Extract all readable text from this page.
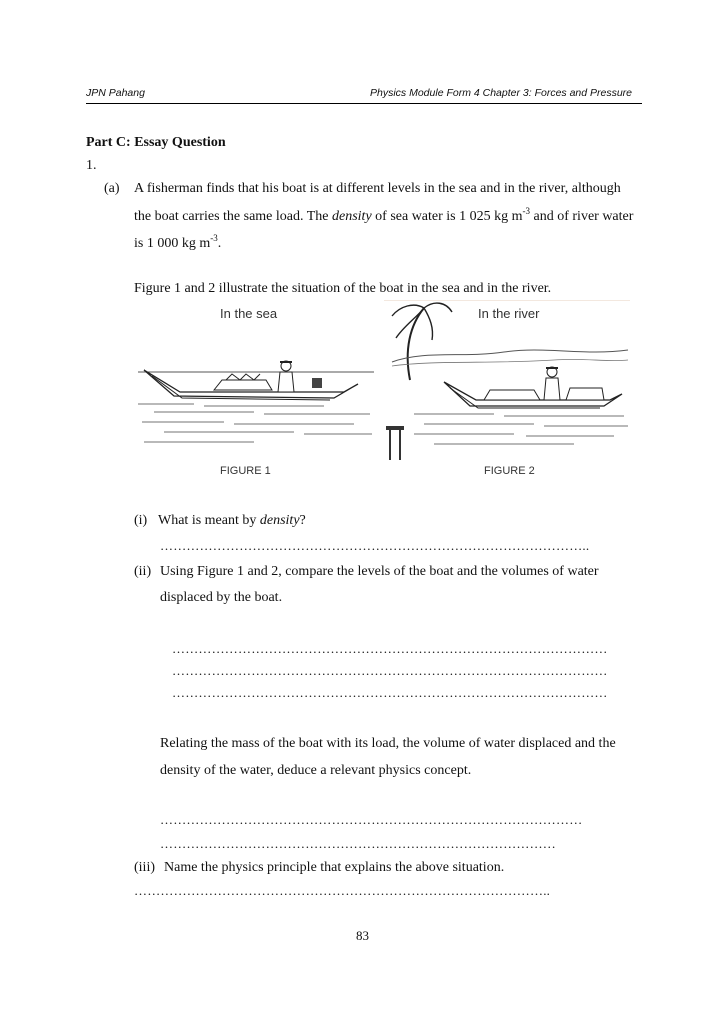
JPN Pahang	Physics Module Form 4 Chapter 3: Forces and Pressure
Part C: Essay Question
1.
(a) A fisherman finds that his boat is at different levels in the sea and in the river, although
the boat carries the same load. The density of sea water is 1 025 kg $m^{-3}$ and of river water
is 1 000 kg $m^{-3}$.
Figure 1 and 2 illustrate the situation of the boat in the sea and in the river.
In the sea
FIGURE 1
In the river
FIGURE 2
(i) What is meant by density?
……………………………………………………………………………………..
(ii) Using Figure 1 and 2, compare the levels of the boat and the volumes of water
displaced by the boat.
………………………………………………………………………………………
………………………………………………………………………………………
………………………………………………………………………………………
Relating the mass of the boat with its load, the volume of water displaced and the
density of the water, deduce a relevant physics concept.
……………………………………………………………………………………
………………………………………………………………………………
(iii) Name the physics principle that explains the above situation.
…………………………………………………………………………………..
83
